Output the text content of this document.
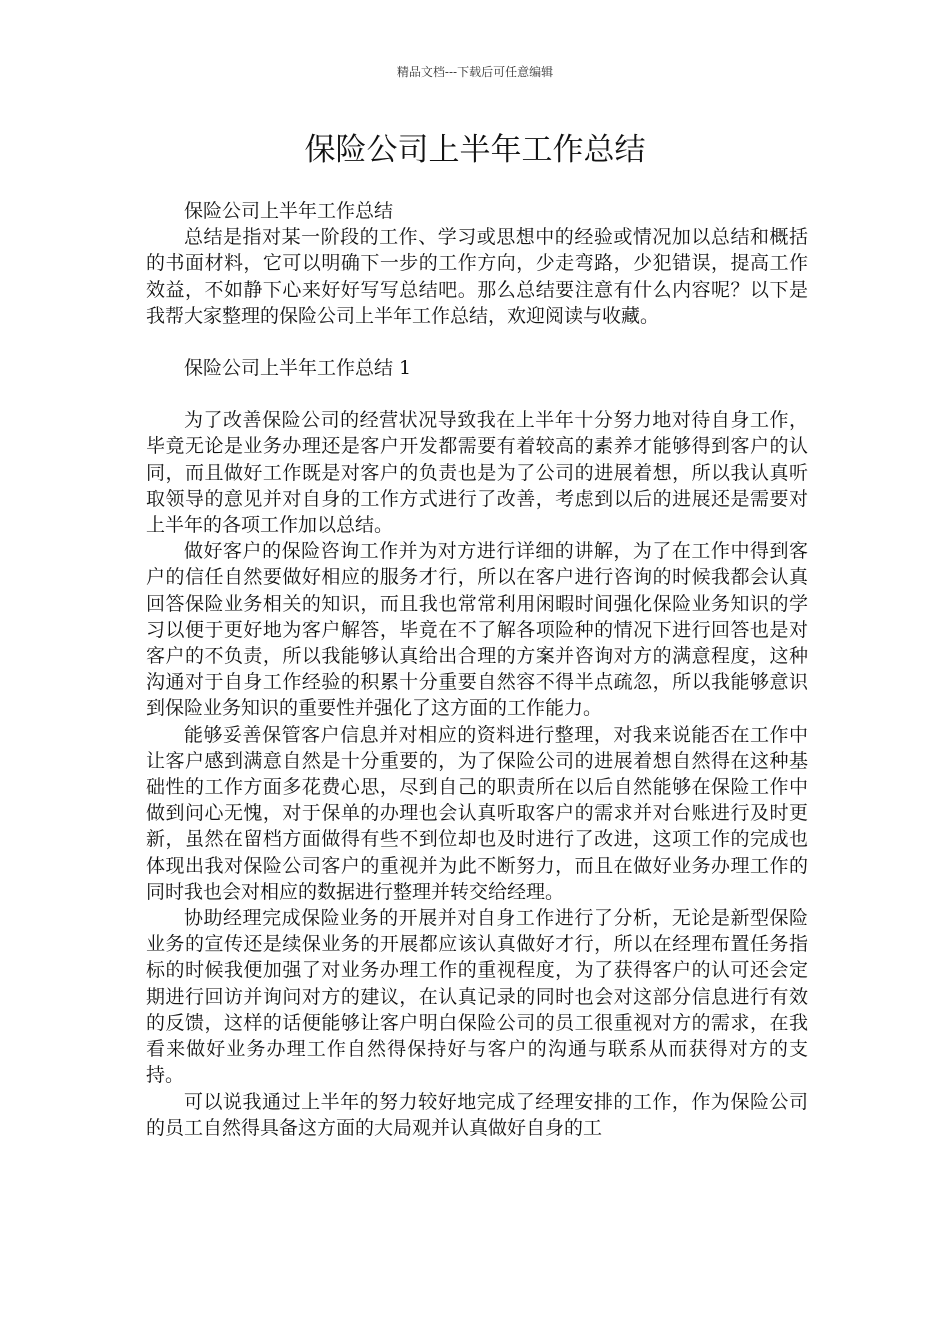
精品文档---下载后可任意编辑
保险公司上半年工作总结

保险公司上半年工作总结

总结是指对某一阶段的工作、学习或思想中的经验或情况加以总结和概括的书面材料，它可以明确下一步的工作方向，少走弯路，少犯错误，提高工作效益，不如静下心来好好写写总结吧。那么总结要注意有什么内容呢？以下是我帮大家整理的保险公司上半年工作总结，欢迎阅读与收藏。

保险公司上半年工作总结 1

为了改善保险公司的经营状况导致我在上半年十分努力地对待自身工作，毕竟无论是业务办理还是客户开发都需要有着较高的素养才能够得到客户的认同，而且做好工作既是对客户的负责也是为了公司的进展着想，所以我认真听取领导的意见并对自身的工作方式进行了改善，考虑到以后的进展还是需要对上半年的各项工作加以总结。

做好客户的保险咨询工作并为对方进行详细的讲解，为了在工作中得到客户的信任自然要做好相应的服务才行，所以在客户进行咨询的时候我都会认真回答保险业务相关的知识，而且我也常常利用闲暇时间强化保险业务知识的学习以便于更好地为客户解答，毕竟在不了解各项险种的情况下进行回答也是对客户的不负责，所以我能够认真给出合理的方案并咨询对方的满意程度，这种沟通对于自身工作经验的积累十分重要自然容不得半点疏忽，所以我能够意识到保险业务知识的重要性并强化了这方面的工作能力。

能够妥善保管客户信息并对相应的资料进行整理，对我来说能否在工作中让客户感到满意自然是十分重要的，为了保险公司的进展着想自然得在这种基础性的工作方面多花费心思，尽到自己的职责所在以后自然能够在保险工作中做到问心无愧，对于保单的办理也会认真听取客户的需求并对台账进行及时更新，虽然在留档方面做得有些不到位却也及时进行了改进，这项工作的完成也体现出我对保险公司客户的重视并为此不断努力，而且在做好业务办理工作的同时我也会对相应的数据进行整理并转交给经理。

协助经理完成保险业务的开展并对自身工作进行了分析，无论是新型保险业务的宣传还是续保业务的开展都应该认真做好才行，所以在经理布置任务指标的时候我便加强了对业务办理工作的重视程度，为了获得客户的认可还会定期进行回访并询问对方的建议，在认真记录的同时也会对这部分信息进行有效的反馈，这样的话便能够让客户明白保险公司的员工很重视对方的需求，在我看来做好业务办理工作自然得保持好与客户的沟通与联系从而获得对方的支持。

可以说我通过上半年的努力较好地完成了经理安排的工作，作为保险公司的员工自然得具备这方面的大局观并认真做好自身的工
